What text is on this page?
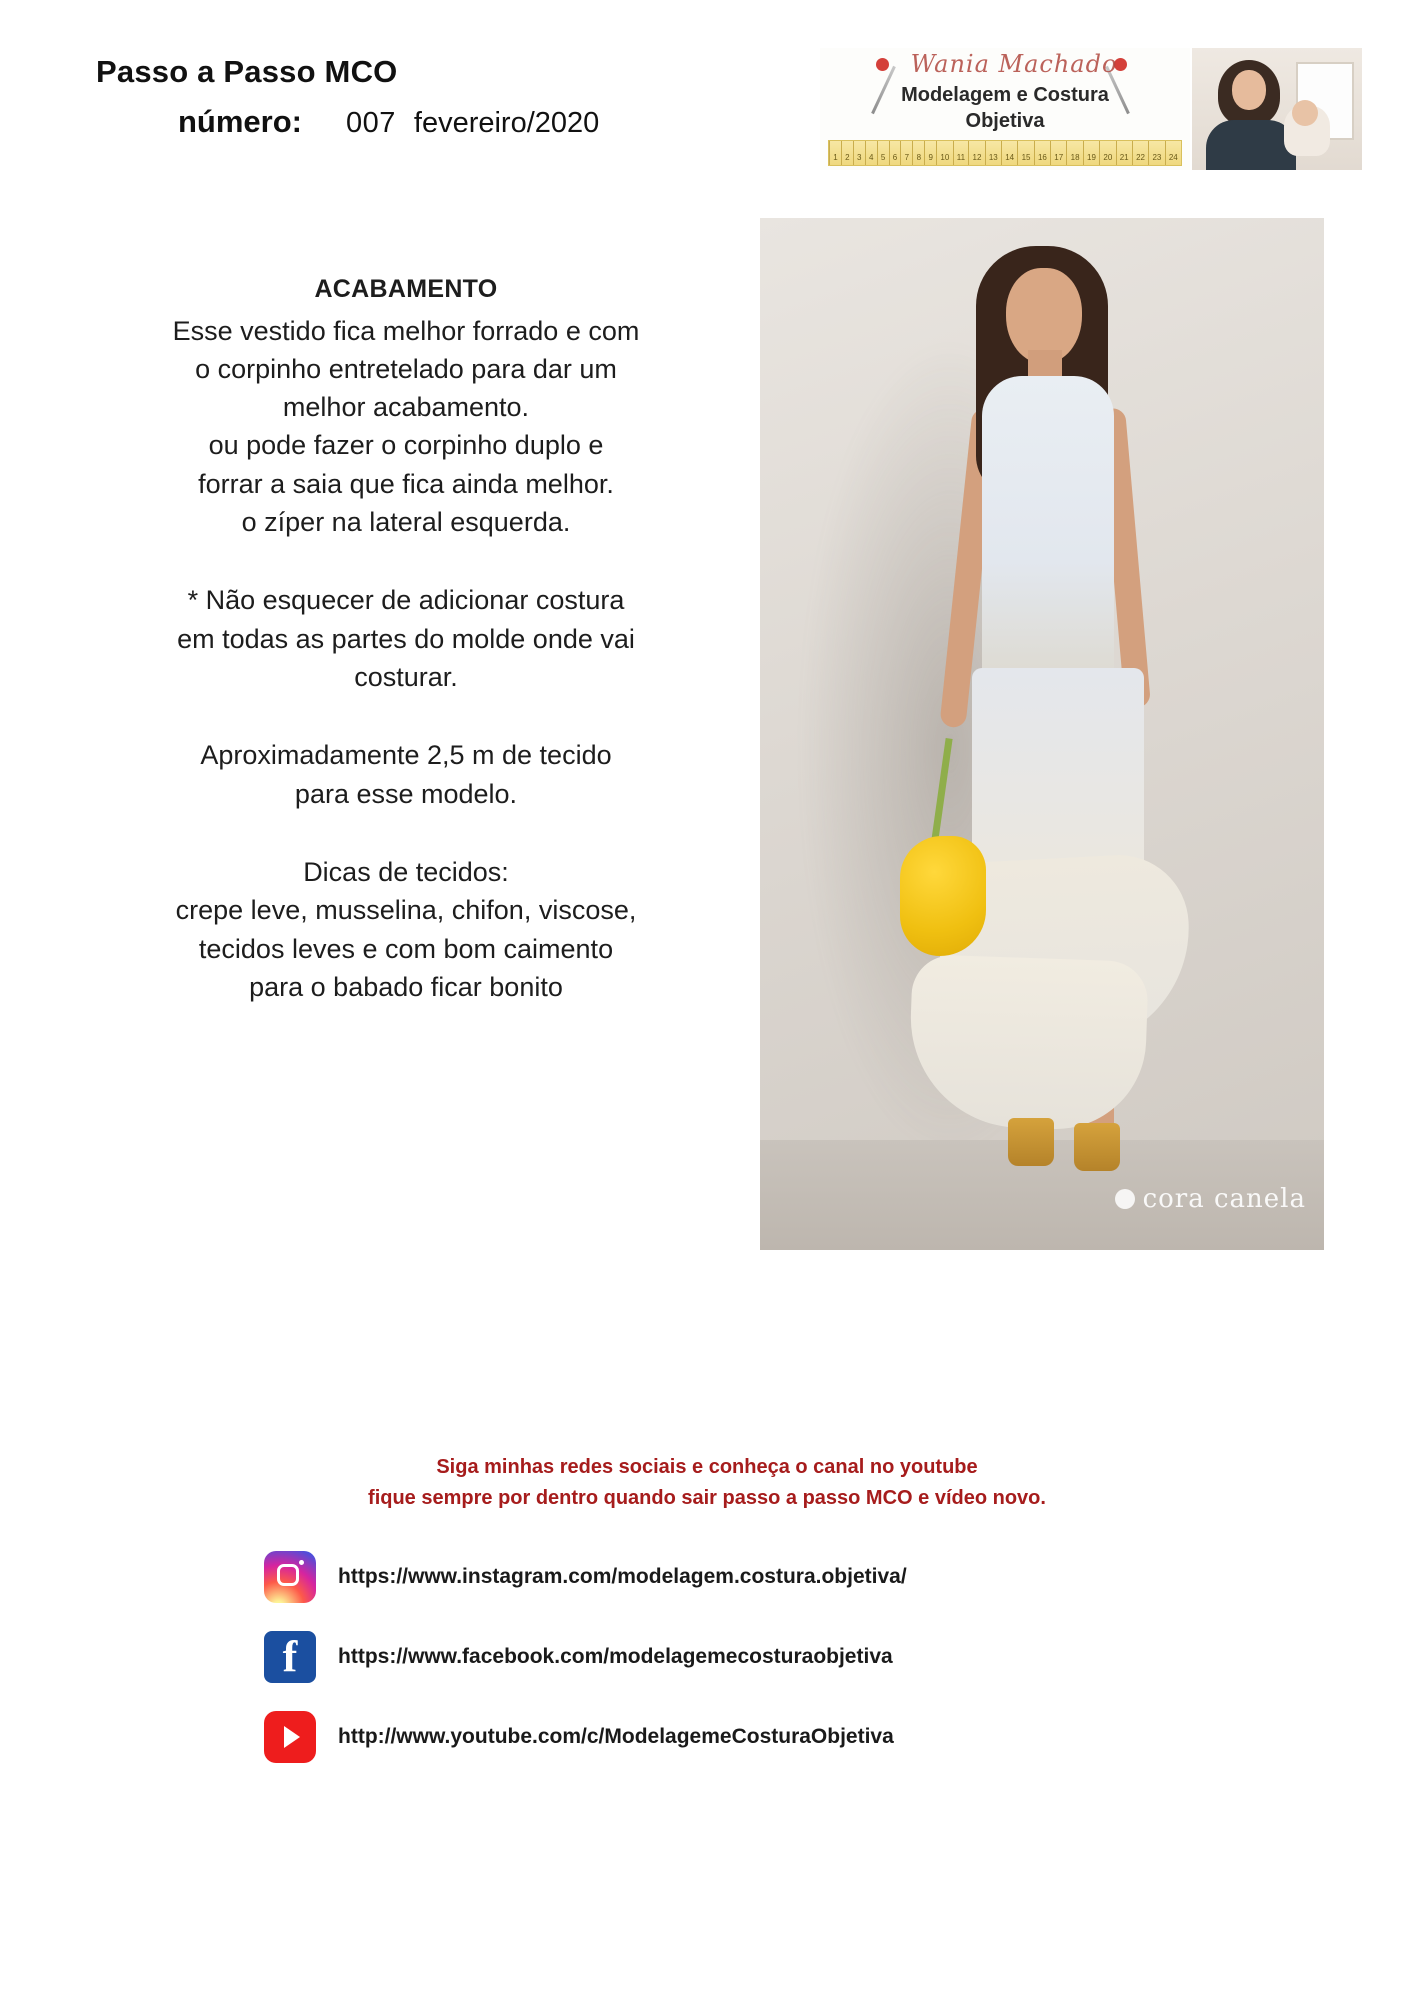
Passo a Passo MCO
número:	007 fevereiro/2020
Wania Machado
Modelagem e Costura
Objetiva
1 2 3 4 5 6 7 8 9 10 11 12 13 14 15 16 17 18 19 20 21 22 23 24
ACABAMENTO

Esse vestido fica melhor forrado e com

o corpinho entretelado para dar um

melhor acabamento.

ou pode fazer o corpinho duplo e

forrar a saia que fica ainda melhor.

o zíper na lateral esquerda.

* Não esquecer de adicionar costura

em todas as partes do molde onde vai

costurar.

Aproximadamente 2,5 m de tecido

para esse modelo.

Dicas de tecidos:

crepe leve, musselina, chifon, viscose,

tecidos leves e com bom caimento

para o babado ficar bonito

cora canela
Siga minhas redes sociais e conheça o canal no youtube
fique sempre por dentro quando sair passo a passo MCO e vídeo novo.
https://www.instagram.com/modelagem.costura.objetiva/
f	https://www.facebook.com/modelagemecosturaobjetiva
http://www.youtube.com/c/ModelagemeCosturaObjetiva
